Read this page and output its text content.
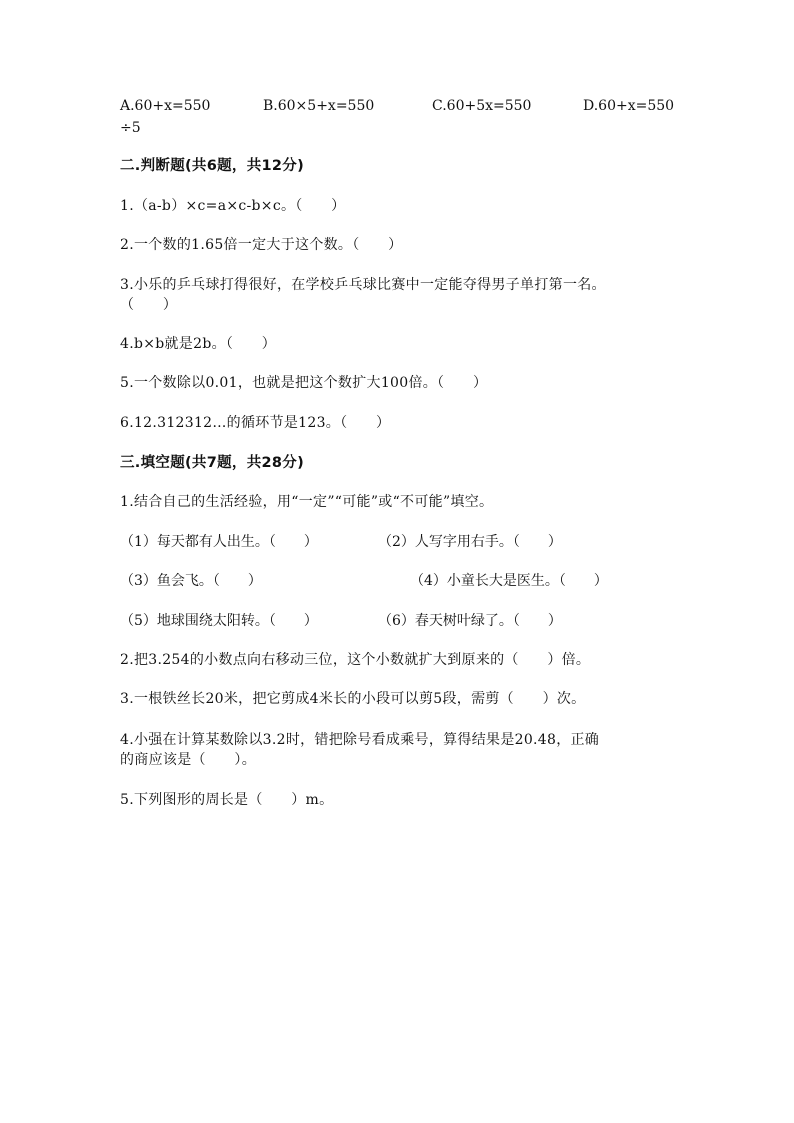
A.60+x=550	B.60×5+x=550	C.60+5x=550	D.60+x=550
÷5
二.判断题(共6题，共12分)
1.（a-b）×c=a×c-b×c。（　　）
2.一个数的1.65倍一定大于这个数。（　　）
3.小乐的乒乓球打得很好，在学校乒乓球比赛中一定能夺得男子单打第一名。
（　　）
4.b×b就是2b。（　　）
5.一个数除以0.01，也就是把这个数扩大100倍。（　　）
6.12.312312…的循环节是123。（　　）
三.填空题(共7题，共28分)
1.结合自己的生活经验，用“一定”“可能”或“不可能”填空。
（1）每天都有人出生。（　　）	（2）人写字用右手。（　　）
（3）鱼会飞。（　　）	（4）小童长大是医生。（　　）
（5）地球围绕太阳转。（　　）	（6）春天树叶绿了。（　　）
2.把3.254的小数点向右移动三位，这个小数就扩大到原来的（　　）倍。
3.一根铁丝长20米，把它剪成4米长的小段可以剪5段，需剪（　　）次。
4.小强在计算某数除以3.2时，错把除号看成乘号，算得结果是20.48，正确
的商应该是（　　）。
5.下列图形的周长是（　　）m。
